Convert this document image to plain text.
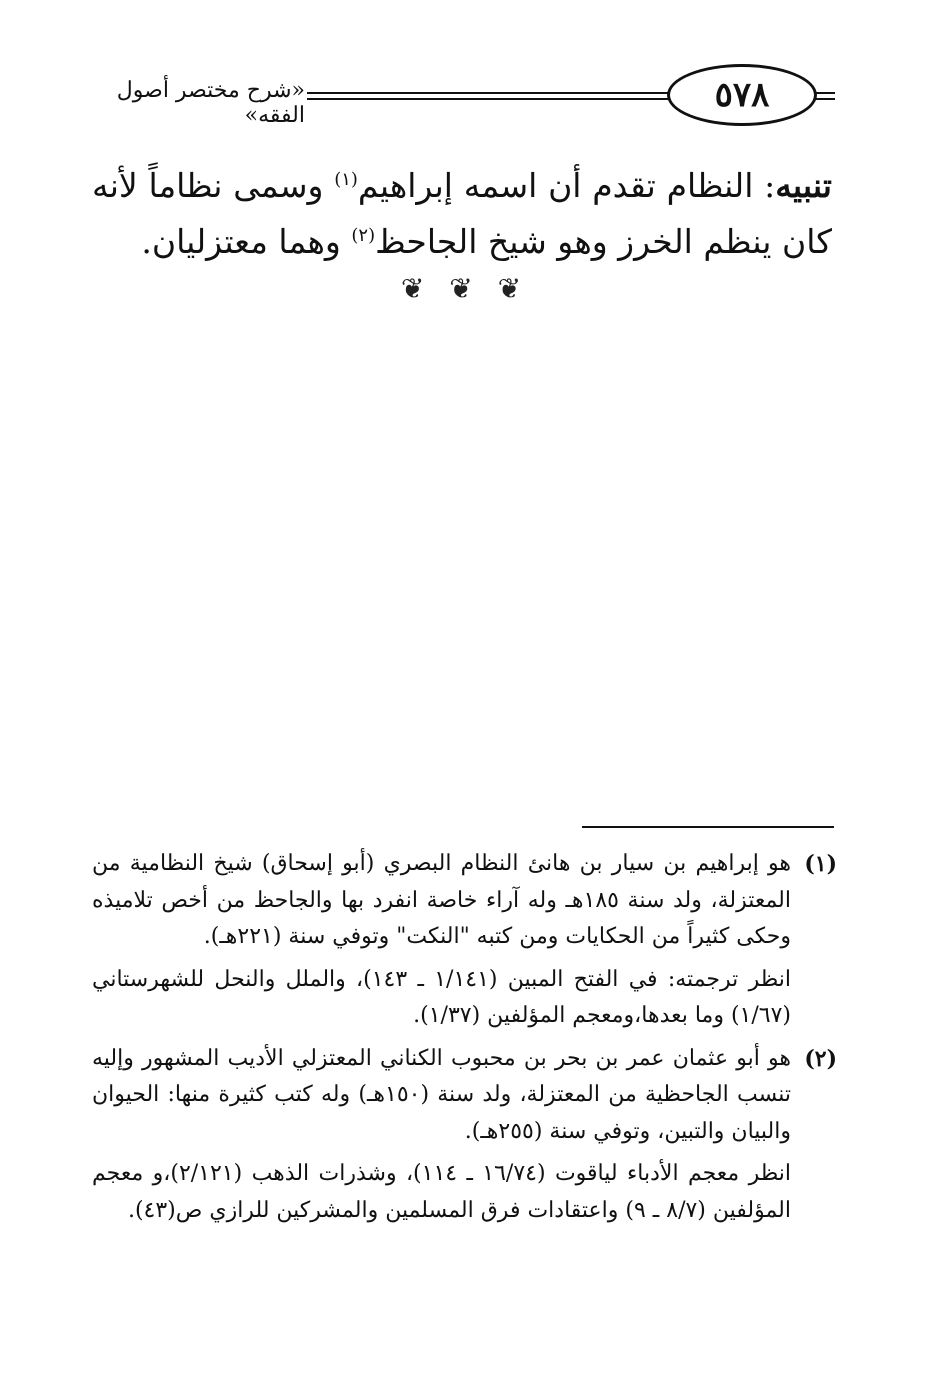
«شرح مختصر أصول الفقه»
٥٧٨
تنبيه: النظام تقدم أن اسمه إبراهيم$^{(١)}$ وسمى نظاماً لأنه كان ينظم الخرز وهو شيخ الجاحظ$^{(٢)}$ وهما معتزليان.
❦ ❦ ❦
(١)
هو إبراهيم بن سيار بن هانئ النظام البصري (أبو إسحاق) شيخ النظامية من المعتزلة، ولد سنة ١٨٥هـ وله آراء خاصة انفرد بها والجاحظ من أخص تلاميذه وحكى كثيراً من الحكايات ومن كتبه "النكت" وتوفي سنة (٢٢١هـ).
انظر ترجمته: في الفتح المبين (١/١٤١ ـ ١٤٣)، والملل والنحل للشهرستاني (١/٦٧) وما بعدها،ومعجم المؤلفين (١/٣٧).
(٢)
هو أبو عثمان عمر بن بحر بن محبوب الكناني المعتزلي الأديب المشهور وإليه تنسب الجاحظية من المعتزلة، ولد سنة (١٥٠هـ) وله كتب كثيرة منها: الحيوان والبيان والتبين، وتوفي سنة (٢٥٥هـ).
انظر معجم الأدباء لياقوت (١٦/٧٤ ـ ١١٤)، وشذرات الذهب (٢/١٢١)،و معجم المؤلفين (٨/٧ ـ ٩) واعتقادات فرق المسلمين والمشركين للرازي ص(٤٣).
